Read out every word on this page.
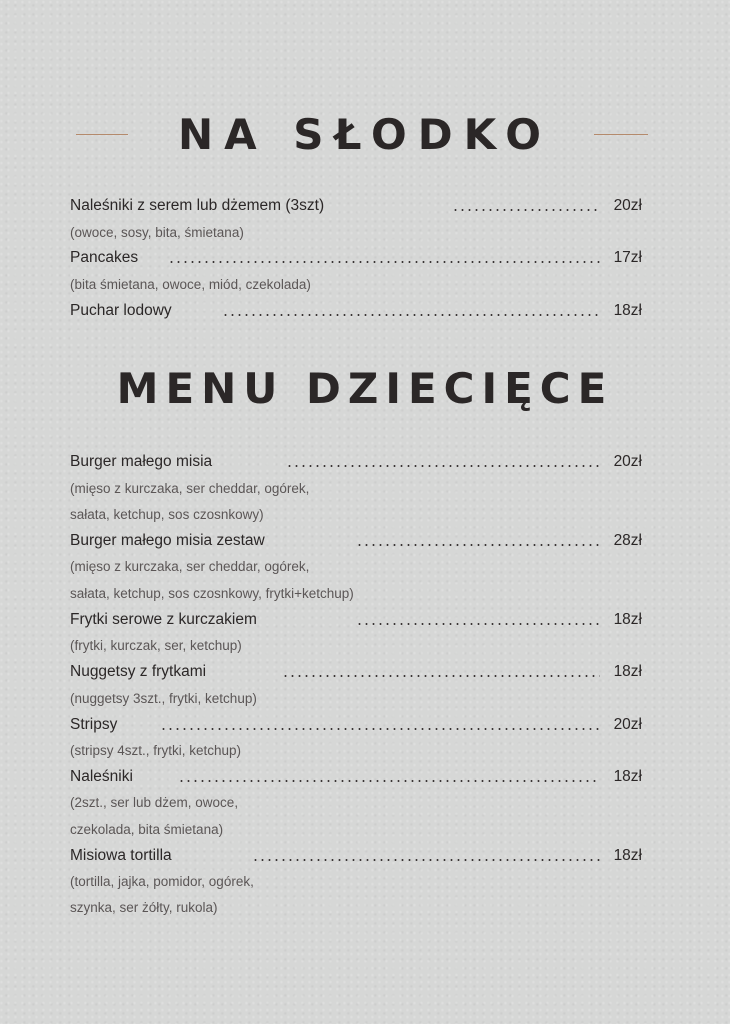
NA SŁODKO
Naleśniki z serem lub dżemem (3szt)	20zł
(owoce, sosy, bita, śmietana)
Pancakes	17zł
(bita śmietana, owoce, miód, czekolada)
Puchar lodowy	18zł
MENU DZIECIĘCE
Burger małego misia	20zł
(mięso z kurczaka, ser cheddar, ogórek,
sałata, ketchup, sos czosnkowy)
Burger małego misia zestaw	28zł
(mięso z kurczaka, ser cheddar, ogórek,
sałata, ketchup, sos czosnkowy, frytki+ketchup)
Frytki serowe z kurczakiem	18zł
(frytki, kurczak, ser, ketchup)
Nuggetsy z frytkami	18zł
(nuggetsy 3szt., frytki, ketchup)
Stripsy	20zł
(stripsy 4szt., frytki, ketchup)
Naleśniki	18zł
(2szt., ser lub dżem, owoce,
czekolada, bita śmietana)
Misiowa tortilla	18zł
(tortilla, jajka, pomidor, ogórek,
szynka, ser żółty, rukola)
